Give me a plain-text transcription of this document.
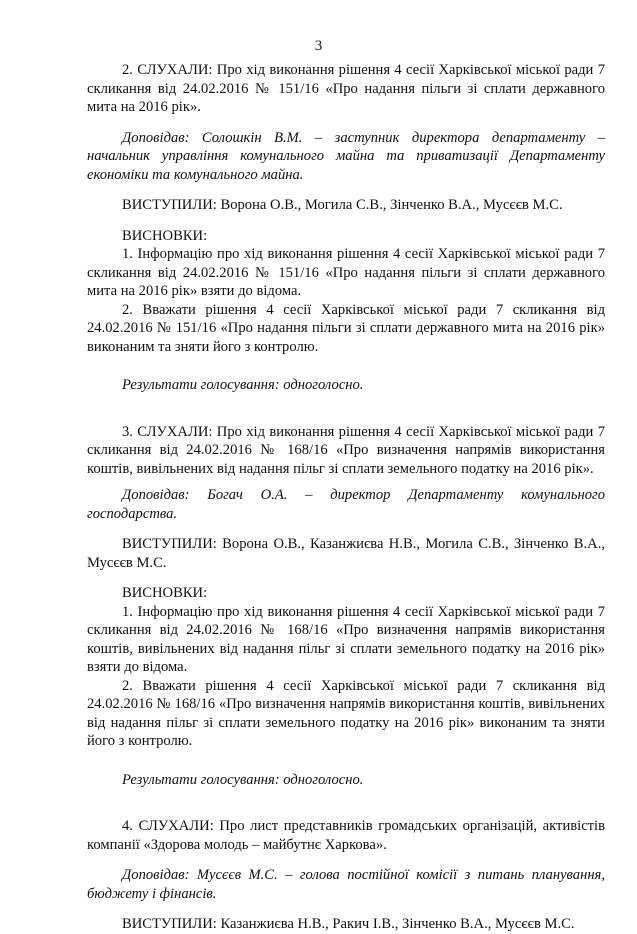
3

2. СЛУХАЛИ: Про хід виконання рішення 4 сесії Харківської міської ради 7 скликання від 24.02.2016 № 151/16 «Про надання пільги зі сплати державного мита на 2016 рік».

Доповідав: Солошкін В.М. – заступник директора департаменту – начальник управління комунального майна та приватизації Департаменту економіки та комунального майна.

ВИСТУПИЛИ: Ворона О.В., Могила С.В., Зінченко В.А., Мусєєв М.С.

ВИСНОВКИ:

1. Інформацію про хід виконання рішення 4 сесії Харківської міської ради 7 скликання від 24.02.2016 № 151/16 «Про надання пільги зі сплати державного мита на 2016 рік» взяти до відома.

2. Вважати рішення 4 сесії Харківської міської ради 7 скликання від 24.02.2016 № 151/16 «Про надання пільги зі сплати державного мита на 2016 рік» виконаним та зняти його з контролю.

Результати голосування: одноголосно.

3. СЛУХАЛИ: Про хід виконання рішення 4 сесії Харківської міської ради 7 скликання від 24.02.2016 № 168/16 «Про визначення напрямів використання коштів, вивільнених від надання пільг зі сплати земельного податку на 2016 рік».

Доповідав: Богач О.А. – директор Департаменту комунального господарства.

ВИСТУПИЛИ: Ворона О.В., Казанжиєва Н.В., Могила С.В., Зінченко В.А., Мусєєв М.С.

ВИСНОВКИ:

1. Інформацію про хід виконання рішення 4 сесії Харківської міської ради 7 скликання від 24.02.2016 № 168/16 «Про визначення напрямів використання коштів, вивільнених від надання пільг зі сплати земельного податку на 2016 рік» взяти до відома.

2. Вважати рішення 4 сесії Харківської міської ради 7 скликання від 24.02.2016 № 168/16 «Про визначення напрямів використання коштів, вивільнених від надання пільг зі сплати земельного податку на 2016 рік» виконаним та зняти його з контролю.

Результати голосування: одноголосно.

4. СЛУХАЛИ: Про лист представників громадських організацій, активістів компанії «Здорова молодь – майбутнє Харкова».

Доповідав: Мусєєв М.С. – голова постійної комісії з питань планування, бюджету і фінансів.

ВИСТУПИЛИ: Казанжиєва Н.В., Ракич І.В., Зінченко В.А., Мусєєв М.С.
